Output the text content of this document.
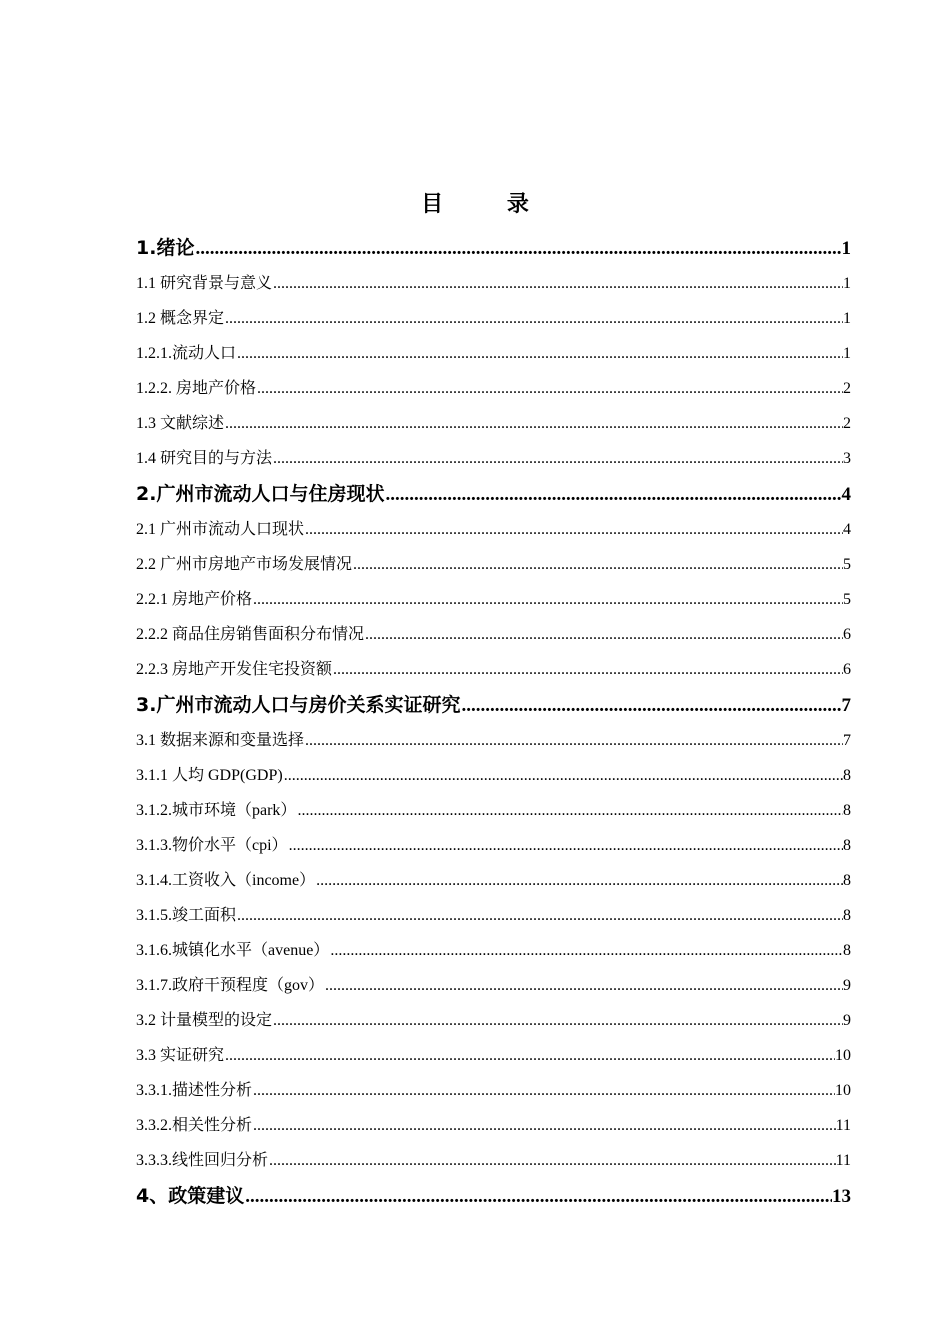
目 录
1.绪论 .....	1
1.1 研究背景与意义 .....	1
1.2 概念界定 .....	1
1.2.1.流动人口 .....	1
1.2.2. 房地产价格 .....	2
1.3 文献综述 .....	2
1.4 研究目的与方法 .....	3
2.广州市流动人口与住房现状 .....	4
2.1 广州市流动人口现状 .....	4
2.2 广州市房地产市场发展情况 .....	5
2.2.1 房地产价格 .....	5
2.2.2 商品住房销售面积分布情况 .....	6
2.2.3 房地产开发住宅投资额 .....	6
3.广州市流动人口与房价关系实证研究 .....	7
3.1 数据来源和变量选择 .....	7
3.1.1 人均 GDP(GDP) .....	8
3.1.2.城市环境（park） .....	8
3.1.3.物价水平（cpi） .....	8
3.1.4.工资收入（income） .....	8
3.1.5.竣工面积 .....	8
3.1.6.城镇化水平（avenue） .....	8
3.1.7.政府干预程度（gov） .....	9
3.2 计量模型的设定 .....	9
3.3 实证研究 .....	10
3.3.1.描述性分析 .....	10
3.3.2.相关性分析 .....	11
3.3.3.线性回归分析 .....	11
4、政策建议 .....	13
